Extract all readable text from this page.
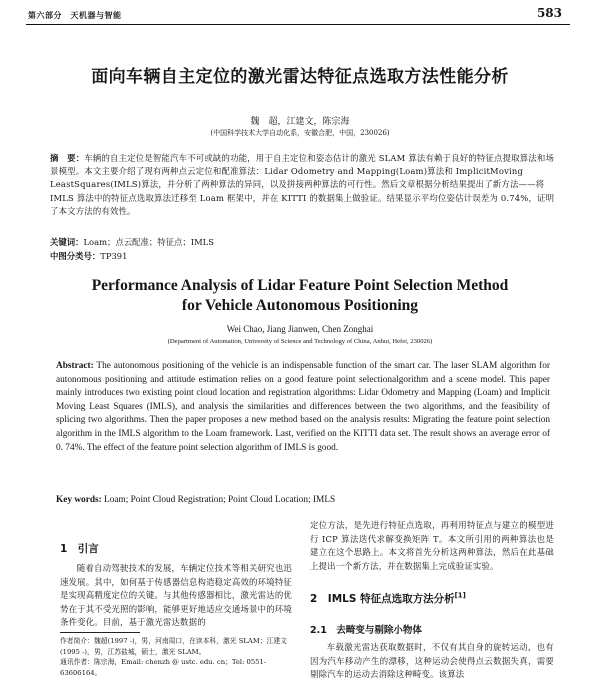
第六部分　天机器与智能	583
面向车辆自主定位的激光雷达特征点选取方法性能分析
魏　超，江建文，陈宗海
(中国科学技术大学自动化系，安徽合肥，中国，230026)
摘　要：车辆的自主定位是智能汽车不可或缺的功能，用于自主定位和姿态估计的激光 SLAM 算法有赖于良好的特征点提取算法和场景模型。本文主要介绍了现有两种点云定位和配准算法：Lidar Odometry and Mapping(Loam)算法和 ImplicitMoving LeastSquares(IMLS)算法，并分析了两种算法的异同，以及拼接两种算法的可行性。然后文章根据分析结果提出了新方法——将 IMLS 算法中的特征点选取算法迁移至 Loam 框架中，并在 KITTI 的数据集上做验证。结果显示平均位姿估计误差为 0.74%，证明了本文方法的有效性。
关键词：Loam；点云配准；特征点；IMLS
中图分类号：TP391
Performance Analysis of Lidar Feature Point Selection Method
for Vehicle Autonomous Positioning
Wei Chao, Jiang Jianwen, Chen Zonghai
(Department of Automation, University of Science and Technology of China, Anhui, Hefei, 230026)
Abstract: The autonomous positioning of the vehicle is an indispensable function of the smart car. The laser SLAM algorithm for autonomous positioning and attitude estimation relies on a good feature point selectionalgorithm and a scene model. This paper mainly introduces two existing point cloud location and registration algorithms: Lidar Odometry and Mapping (Loam) and Implicit Moving Least Squares (IMLS), and analysis the similarities and differences between the two algorithms, and the feasibility of splicing two algorithms. Then the paper proposes a new method based on the analysis results: Migrating the feature point selection algorithm in the IMLS algorithm to the Loam framework. Last, verified on the KITTI data set. The result shows an average error of 0. 74%. The effect of the feature point selection algorithm of IMLS is good.
Key words: Loam; Point Cloud Registration; Point Cloud Location; IMLS
1　引言
随着自动驾驶技术的发展，车辆定位技术等相关研究也迅速发展。其中，如何基于传感器信息构造稳定高效的环境特征是实现高精度定位的关键。与其他传感器相比，激光雷达的优势在于其不受光照的影响，能够更好地适应交通场景中的环境条件变化。目前，基于激光雷达数据的
作者简介：魏超(1997 -)，男，河南周口，在读本科，激光 SLAM；江建文(1995 -)，男，江苏盐城，硕士，激光 SLAM。
通讯作者：陈宗海，Email: chenzh @ ustc. edu. cn；Tel: 0551-63606164。
定位方法，是先进行特征点选取，再利用特征点与建立的模型进行 ICP 算法迭代求解变换矩阵 T。本文所引用的两种算法也是建立在这个思路上。本文将首先分析这两种算法，然后在此基础上提出一个新方法，并在数据集上完成验证实验。
2　IMLS 特征点选取方法分析[1]
2.1　去畸变与剔除小物体
车载激光雷达获取数据时，不仅有其自身的旋转运动，也有因为汽车移动产生的漂移，这种运动会使得点云数据失真，需要剔除汽车的运动去消除这种畸变。该算法
